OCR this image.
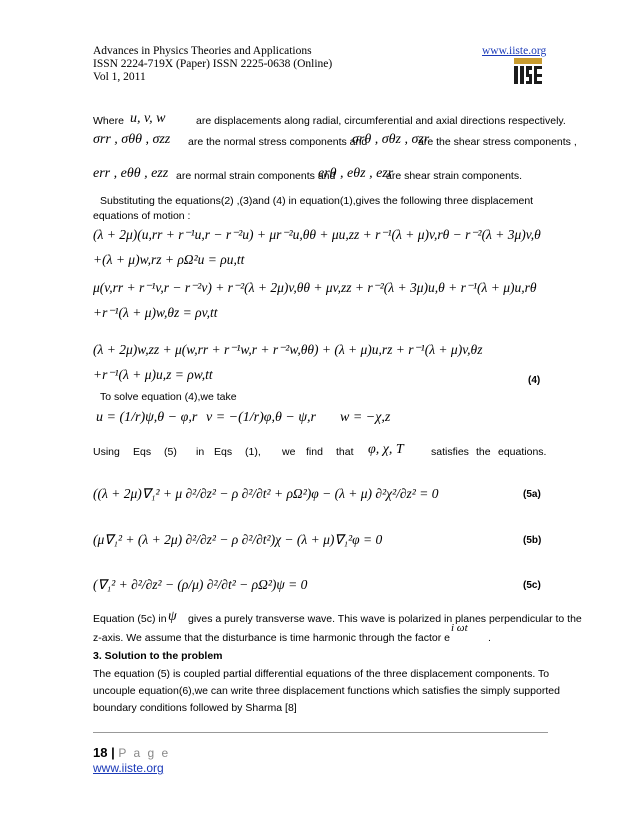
Advances in Physics Theories and Applications
ISSN 2224-719X (Paper) ISSN 2225-0638 (Online)
Vol 1, 2011
www.iiste.org
Where u, v, w	are displacements along radial, circumferential and axial directions respectively.
σrr , σθθ , σzz are the normal stress components and
σrθ , σθz , σzr
are the shear stress components ,
err , eθθ , ezz are normal strain components and
erθ , eθz , ezr
are shear strain components.
Substituting the equations(2) ,(3)and (4) in equation(1),gives the following three displacement
equations of motion :
(λ + 2μ)(u,rr + r⁻¹u,r − r⁻²u) + μr⁻²u,θθ + μu,zz + r⁻¹(λ + μ)v,rθ − r⁻²(λ + 3μ)v,θ
+(λ + μ)w,rz + ρΩ²u = ρu,tt
μ(v,rr + r⁻¹v,r − r⁻²v) + r⁻²(λ + 2μ)v,θθ + μv,zz + r⁻²(λ + 3μ)u,θ + r⁻¹(λ + μ)u,rθ
+r⁻¹(λ + μ)w,θz = ρv,tt
(λ + 2μ)w,zz + μ(w,rr + r⁻¹w,r + r⁻²w,θθ) + (λ + μ)u,rz + r⁻¹(λ + μ)v,θz
+r⁻¹(λ + μ)u,z = ρw,tt	(4)
To solve equation (4),we take
u = (1/r)ψ,θ − φ,r v = −(1/r)φ,θ − ψ,r w = −χ,z
Using Eqs (5) in Eqs (1), we find that φ, χ, T	satisfies the equations.
((λ + 2μ)∇₁² + μ ∂²/∂z² − ρ ∂²/∂t² + ρΩ²)φ − (λ + μ) ∂²χ²/∂z² = 0	(5a)
(μ∇₁² + (λ + 2μ) ∂²/∂z² − ρ ∂²/∂t²)χ − (λ + μ)∇₁²φ = 0	(5b)
(∇₁² + ∂²/∂z² − (ρ/μ) ∂²/∂t² − ρΩ²)ψ = 0	(5c)
Equation (5c) in ψ gives a purely transverse wave. This wave is polarized in planes perpendicular to the
z-axis. We assume that the disturbance is time harmonic through the factor e
i ωt
.
3. Solution to the problem
The equation (5) is coupled partial differential equations of the three displacement components. To
uncouple equation(6),we can write three displacement functions which satisfies the simply supported
boundary conditions followed by Sharma [8]
18 | P a g e
www.iiste.org
